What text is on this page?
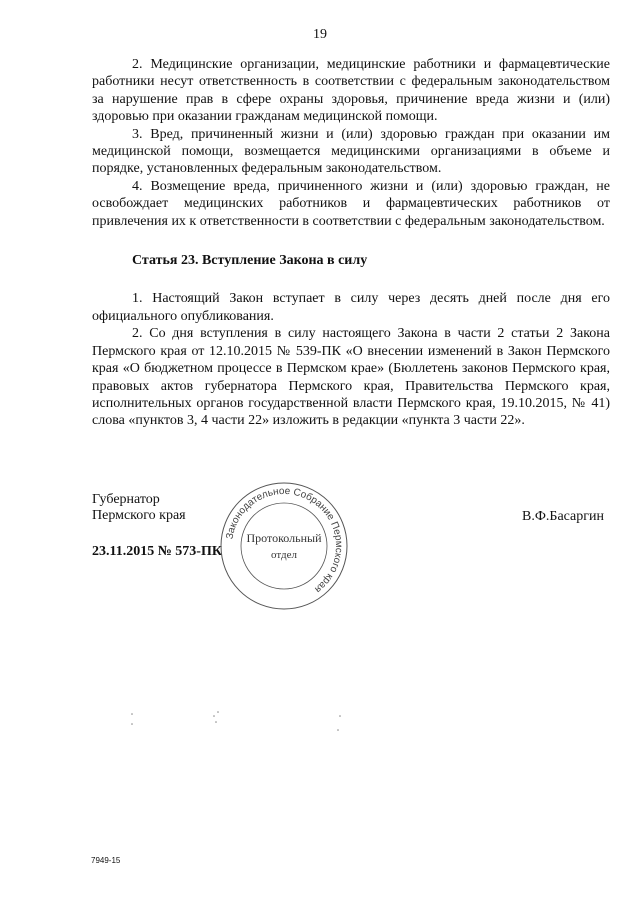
19

2. Медицинские организации, медицинские работники и фармацевтические работники несут ответственность в соответствии с федеральным законодательством за нарушение прав в сфере охраны здоровья, причинение вреда жизни и (или) здоровью при оказании гражданам медицинской помощи.

3. Вред, причиненный жизни и (или) здоровью граждан при оказании им медицинской помощи, возмещается медицинскими организациями в объеме и порядке, установленных федеральным законодательством.

4. Возмещение вреда, причиненного жизни и (или) здоровью граждан, не освобождает медицинских работников и фармацевтических работников от привлечения их к ответственности в соответствии с федеральным законодательством.

Статья 23. Вступление Закона в силу

1. Настоящий Закон вступает в силу через десять дней после дня его официального опубликования.

2. Со дня вступления в силу настоящего Закона в части 2 статьи 2 Закона Пермского края от 12.10.2015 № 539-ПК «О внесении изменений в Закон Пермского края «О бюджетном процессе в Пермском крае» (Бюллетень законов Пермского края, правовых актов губернатора Пермского края, Правительства Пермского края, исполнительных органов государственной власти Пермского края, 19.10.2015, № 41) слова «пунктов 3, 4 части 22» изложить в редакции «пункта 3 части 22».

Губернатор
Пермского края	В.Ф.Басаргин
23.11.2015 № 573-ПК
Законодательное Собрание Пермского края
Протокольный
отдел
7949-15
